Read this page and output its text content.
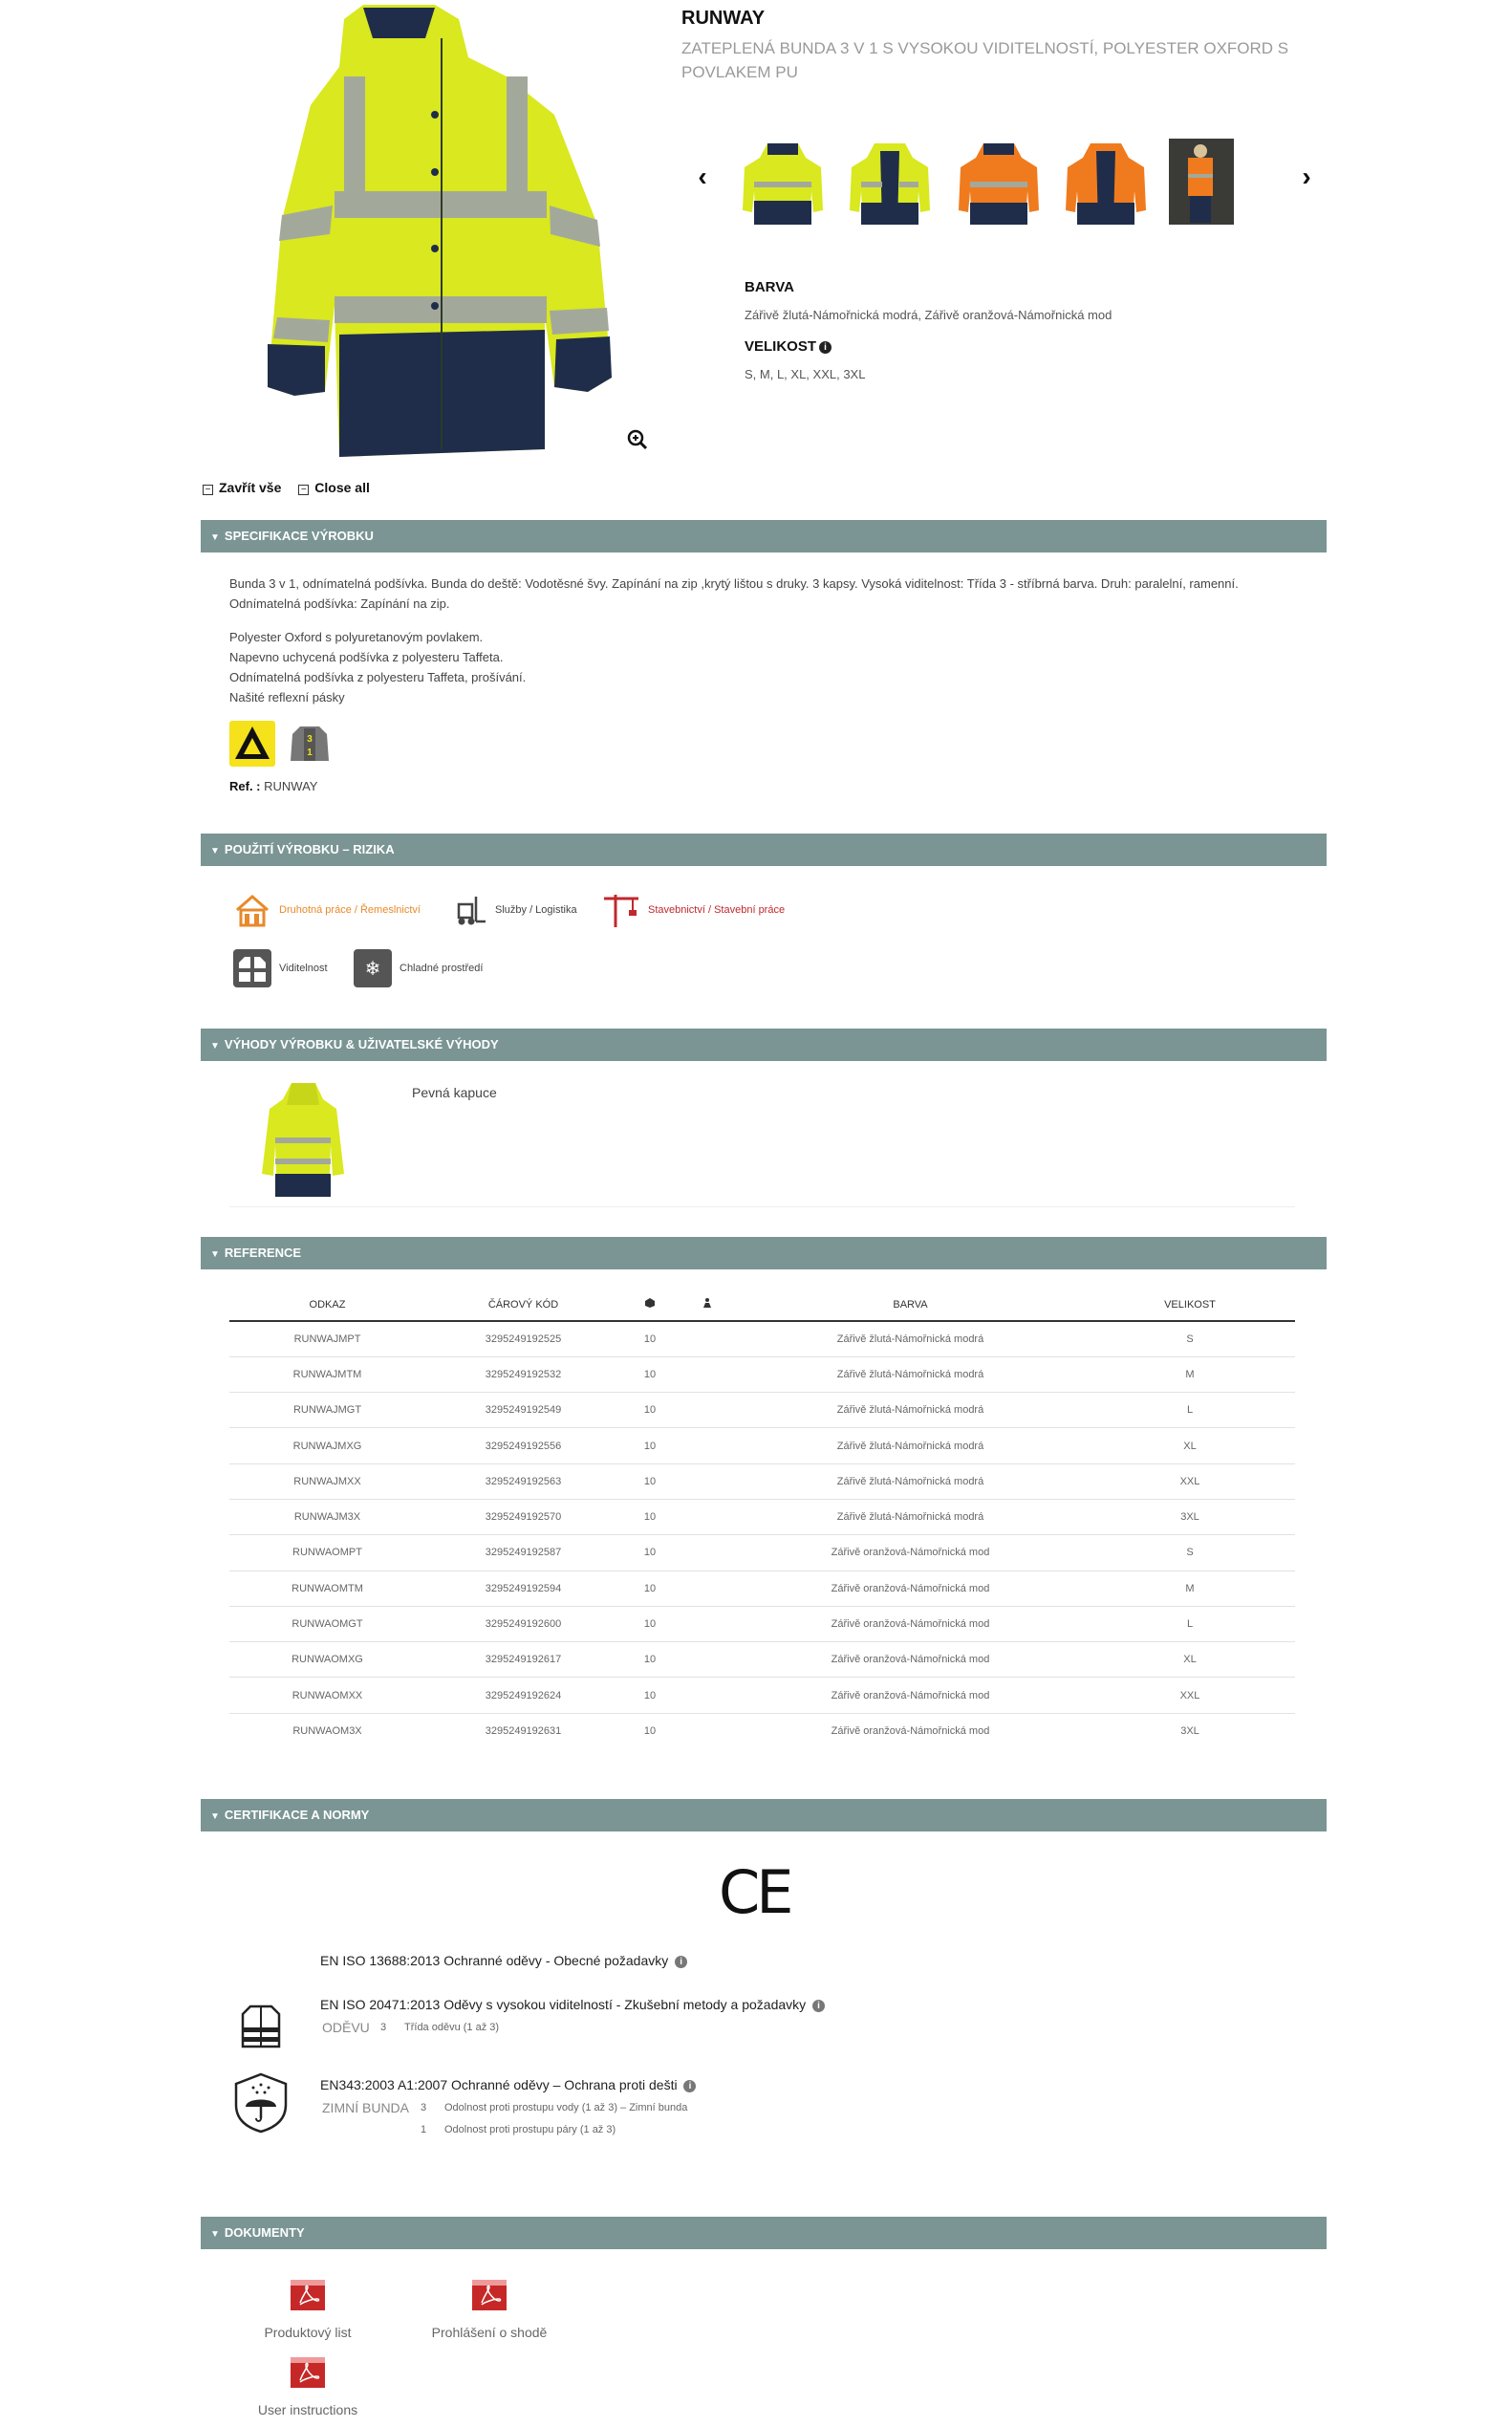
RUNWAY
ZATEPLENÁ BUNDA 3 V 1 S VYSOKOU VIDITELNOSTÍ, POLYESTER OXFORD S POVLAKEM PU
‹	›
BARVA
Zářivě žlutá-Námořnická modrá, Zářivě oranžová-Námořnická mod
VELIKOST i
S, M, L, XL, XXL, 3XL
− Zavřít vše − Close all
▼ SPECIFIKACE VÝROBKU
Bunda 3 v 1, odnímatelná podšívka. Bunda do deště: Vodotěsné švy. Zapínání na zip ,krytý lištou s druky. 3 kapsy. Vysoká viditelnost: Třída 3 - stříbrná barva. Druh: paralelní, ramenní. Odnímatelná podšívka: Zapínání na zip.
Polyester Oxford s polyuretanovým povlakem.
Napevno uchycená podšívka z polyesteru Taffeta.
Odnímatelná podšívka z polyesteru Taffeta, prošívání.
Našité reflexní pásky
3
1
Ref. : RUNWAY
▼ POUŽITÍ VÝROBKU – RIZIKA
Druhotná práce / Řemeslnictví	Služby / Logistika	Stavebnictví / Stavební práce
Viditelnost ❄ Chladné prostředí
▼ VÝHODY VÝROBKU & UŽIVATELSKÉ VÝHODY
Pevná kapuce
▼ REFERENCE
ODKAZ	ČÁROVÝ KÓD			BARVA	VELIKOST
RUNWAJMPT	3295249192525	10		Zářivě žlutá-Námořnická modrá	S
RUNWAJMTM	3295249192532	10		Zářivě žlutá-Námořnická modrá	M
RUNWAJMGT	3295249192549	10		Zářivě žlutá-Námořnická modrá	L
RUNWAJMXG	3295249192556	10		Zářivě žlutá-Námořnická modrá	XL
RUNWAJMXX	3295249192563	10		Zářivě žlutá-Námořnická modrá	XXL
RUNWAJM3X	3295249192570	10		Zářivě žlutá-Námořnická modrá	3XL
RUNWAOMPT	3295249192587	10		Zářivě oranžová-Námořnická mod	S
RUNWAOMTM	3295249192594	10		Zářivě oranžová-Námořnická mod	M
RUNWAOMGT	3295249192600	10		Zářivě oranžová-Námořnická mod	L
RUNWAOMXG	3295249192617	10		Zářivě oranžová-Námořnická mod	XL
RUNWAOMXX	3295249192624	10		Zářivě oranžová-Námořnická mod	XXL
RUNWAOM3X	3295249192631	10		Zářivě oranžová-Námořnická mod	3XL
▼ CERTIFIKACE A NORMY
CE
EN ISO 13688:2013 Ochranné oděvy - Obecné požadavky i
EN ISO 20471:2013 Oděvy s vysokou viditelností - Zkušební metody a požadavky i
ODĚVU 3 Třída oděvu (1 až 3)
EN343:2003 A1:2007 Ochranné oděvy – Ochrana proti dešti i
ZIMNÍ BUNDA 3 Odolnost proti prostupu vody (1 až 3) – Zimní bunda
1 Odolnost proti prostupu páry (1 až 3)
▼ DOKUMENTY
Produktový list	Prohlášení o shodě
User instructions
